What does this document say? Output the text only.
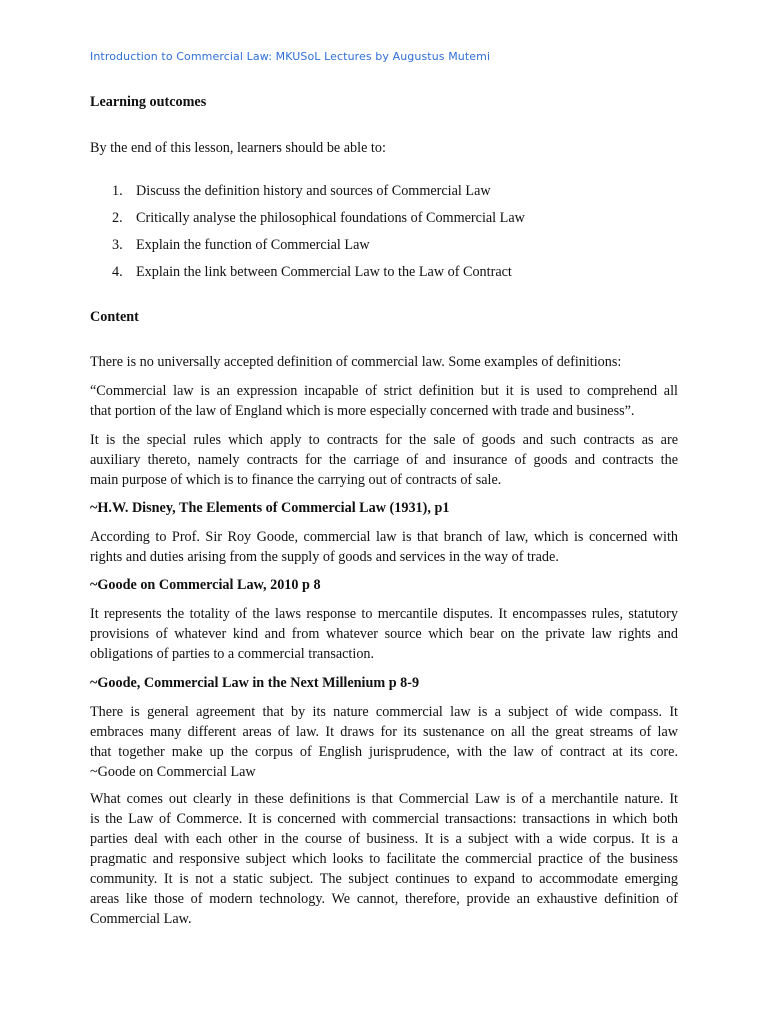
Introduction to Commercial Law: MKUSoL Lectures by Augustus Mutemi
Learning outcomes
By the end of this lesson, learners should be able to:
1. Discuss the definition history and sources of Commercial Law
2. Critically analyse the philosophical foundations of Commercial Law
3. Explain the function of Commercial Law
4. Explain the link between Commercial Law to the Law of Contract
Content
There is no universally accepted definition of commercial law. Some examples of definitions:
“Commercial law is an expression incapable of strict definition but it is used to comprehend all
that portion of the law of England which is more especially concerned with trade and business”.
It is the special rules which apply to contracts for the sale of goods and such contracts as are
auxiliary thereto, namely contracts for the carriage of and insurance of goods and contracts the
main purpose of which is to finance the carrying out of contracts of sale.
~H.W. Disney, The Elements of Commercial Law (1931), p1
According to Prof. Sir Roy Goode, commercial law is that branch of law, which is concerned with
rights and duties arising from the supply of goods and services in the way of trade.
~Goode on Commercial Law, 2010 p 8
It represents the totality of the laws response to mercantile disputes. It encompasses rules, statutory
provisions of whatever kind and from whatever source which bear on the private law rights and
obligations of parties to a commercial transaction.
~Goode, Commercial Law in the Next Millenium p 8-9
There is general agreement that by its nature commercial law is a subject of wide compass. It
embraces many different areas of law. It draws for its sustenance on all the great streams of law
that together make up the corpus of English jurisprudence, with the law of contract at its core.
~Goode on Commercial Law
What comes out clearly in these definitions is that Commercial Law is of a merchantile nature. It
is the Law of Commerce. It is concerned with commercial transactions: transactions in which both
parties deal with each other in the course of business. It is a subject with a wide corpus. It is a
pragmatic and responsive subject which looks to facilitate the commercial practice of the business
community. It is not a static subject. The subject continues to expand to accommodate emerging
areas like those of modern technology. We cannot, therefore, provide an exhaustive definition of
Commercial Law.
